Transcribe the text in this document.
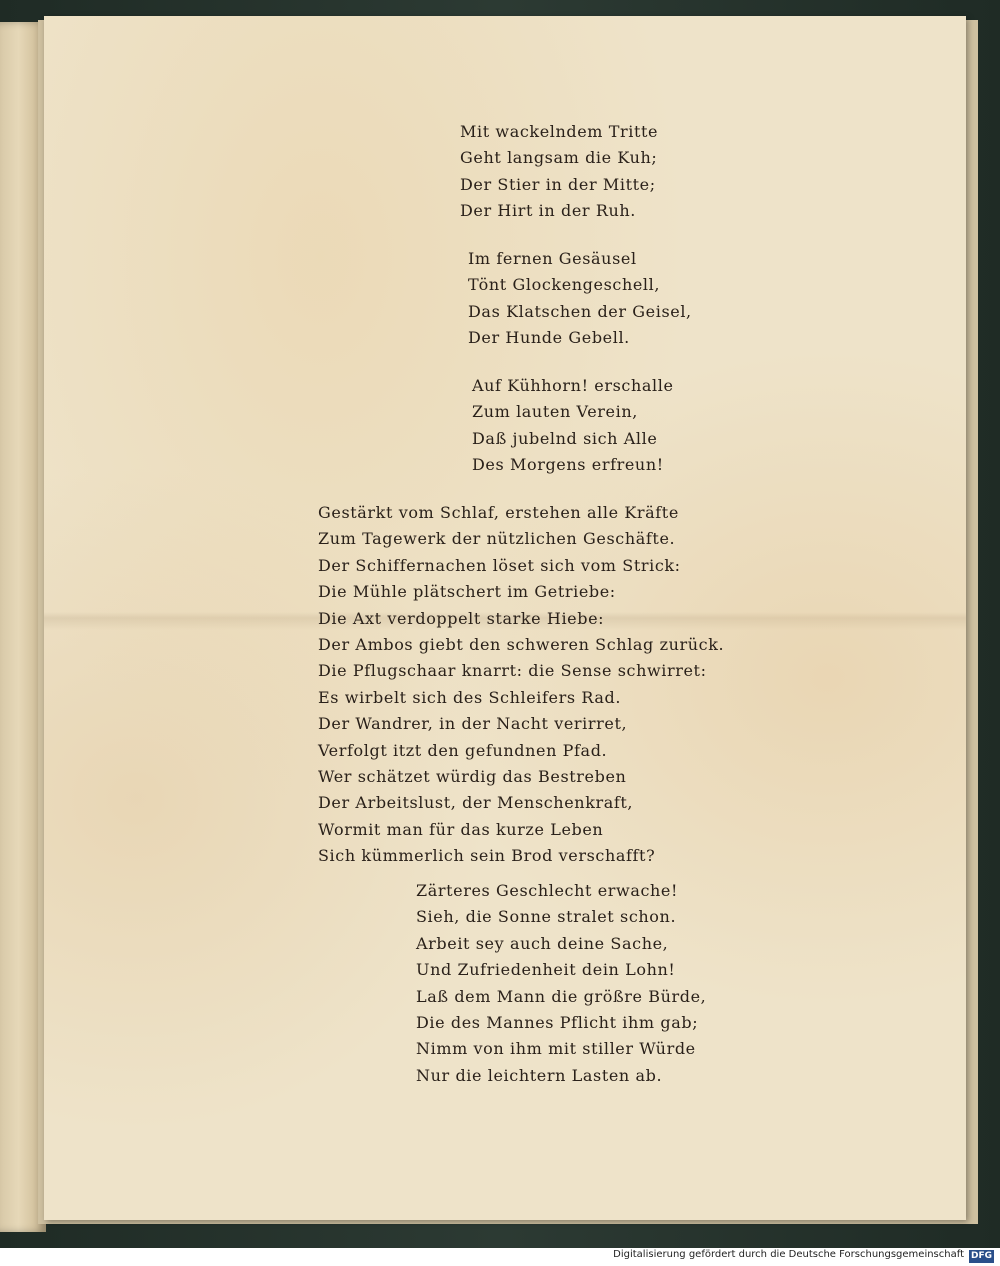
Mit wackelndem Tritte
Geht langsam die Kuh;
Der Stier in der Mitte;
Der Hirt in der Ruh.
Im fernen Gesäusel
Tönt Glockengeschell,
Das Klatschen der Geisel,
Der Hunde Gebell.
Auf Kühhorn! erschalle
Zum lauten Verein,
Daß jubelnd sich Alle
Des Morgens erfreun!
Gestärkt vom Schlaf, erstehen alle Kräfte
Zum Tagewerk der nützlichen Geschäfte.
Der Schiffernachen löset sich vom Strick:
Die Mühle plätschert im Getriebe:
Die Axt verdoppelt starke Hiebe:
Der Ambos giebt den schweren Schlag zurück.
Die Pflugschaar knarrt: die Sense schwirret:
Es wirbelt sich des Schleifers Rad.
Der Wandrer, in der Nacht verirret,
Verfolgt itzt den gefundnen Pfad.
Wer schätzet würdig das Bestreben
Der Arbeitslust, der Menschenkraft,
Wormit man für das kurze Leben
Sich kümmerlich sein Brod verschafft?
Zärteres Geschlecht erwache!
Sieh, die Sonne stralet schon.
Arbeit sey auch deine Sache,
Und Zufriedenheit dein Lohn!
Laß dem Mann die größre Bürde,
Die des Mannes Pflicht ihm gab;
Nimm von ihm mit stiller Würde
Nur die leichtern Lasten ab.
Digitalisierung gefördert durch die Deutsche Forschungsgemeinschaft DFG
